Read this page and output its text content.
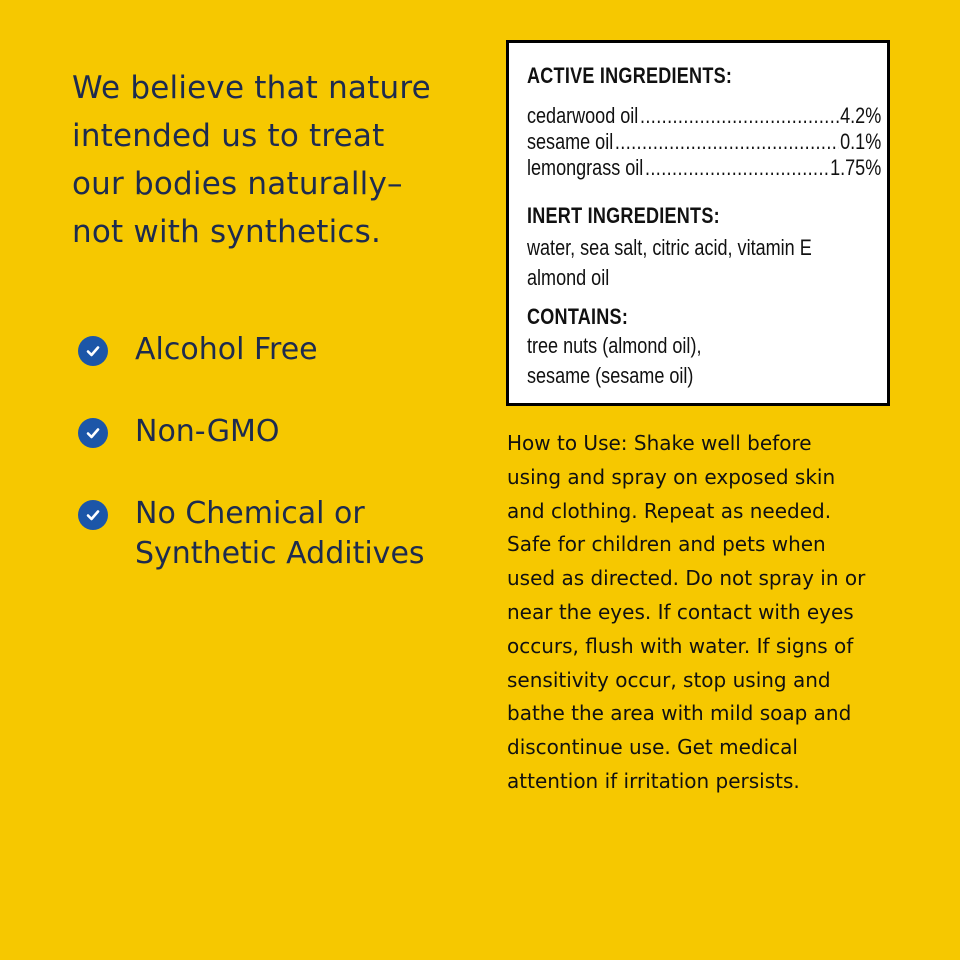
We believe that nature
intended us to treat
our bodies naturally–
not with synthetics.
Alcohol Free
Non-GMO
No Chemical or
Synthetic Additives
ACTIVE INGREDIENTS:
cedarwood oil .....	4.2%
sesame oil .....	0.1%
lemongrass oil .....	1.75%
INERT INGREDIENTS:
water, sea salt, citric acid, vitamin E
almond oil
CONTAINS:
tree nuts (almond oil),
sesame (sesame oil)
How to Use: Shake well before
using and spray on exposed skin
and clothing. Repeat as needed.
Safe for children and pets when
used as directed. Do not spray in or
near the eyes. If contact with eyes
occurs, flush with water. If signs of
sensitivity occur, stop using and
bathe the area with mild soap and
discontinue use. Get medical
attention if irritation persists.
